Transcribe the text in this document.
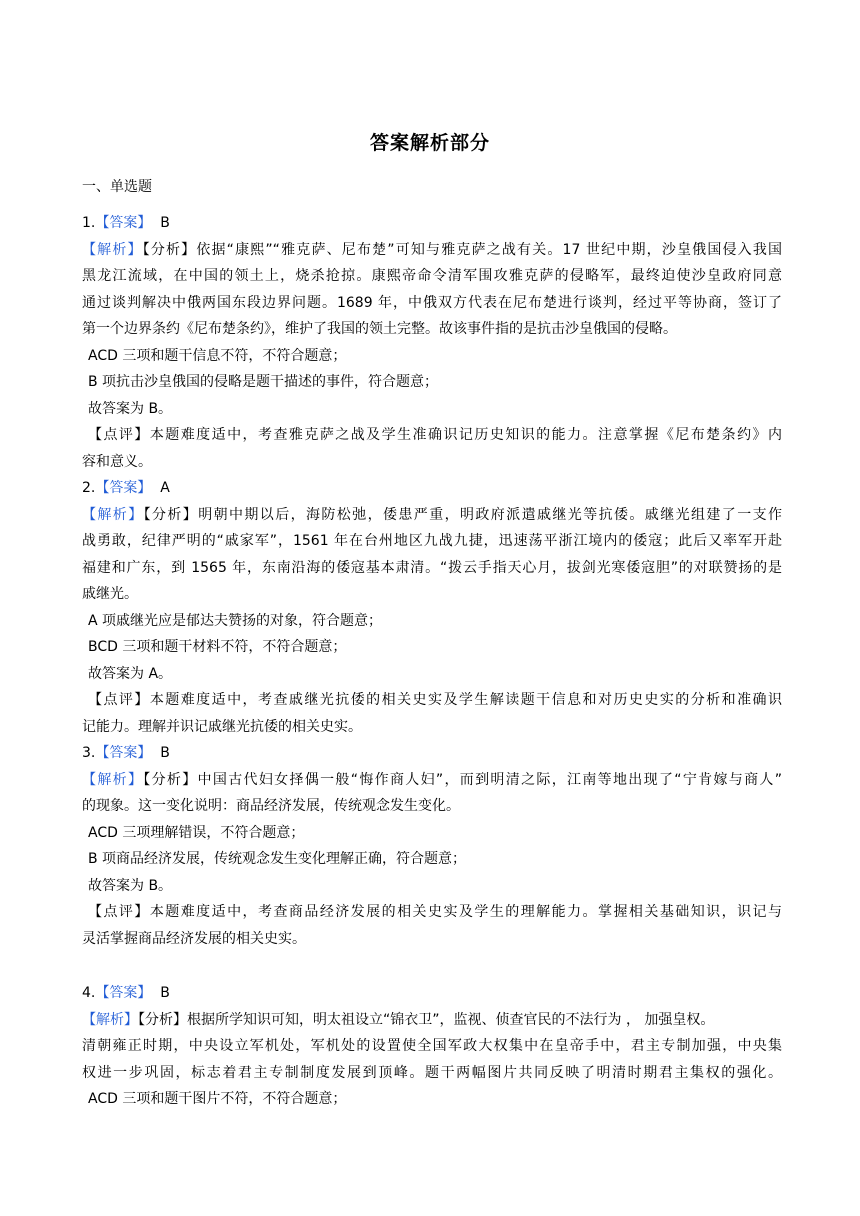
答案解析部分
一、单选题
1.【答案】 B
【解析】【分析】依据“康熙”“雅克萨、尼布楚”可知与雅克萨之战有关。17 世纪中期，沙皇俄国侵入我国
黑龙江流域，在中国的领土上，烧杀抢掠。康熙帝命令清军围攻雅克萨的侵略军，最终迫使沙皇政府同意
通过谈判解决中俄两国东段边界问题。1689 年，中俄双方代表在尼布楚进行谈判，经过平等协商，签订了
第一个边界条约《尼布楚条约》，维护了我国的领土完整。故该事件指的是抗击沙皇俄国的侵略。
ACD 三项和题干信息不符，不符合题意；
B 项抗击沙皇俄国的侵略是题干描述的事件，符合题意；
故答案为 B。
【点评】本题难度适中，考查雅克萨之战及学生准确识记历史知识的能力。注意掌握《尼布楚条约》内
容和意义。
2.【答案】 A
【解析】【分析】明朝中期以后，海防松弛，倭患严重，明政府派遣戚继光等抗倭。戚继光组建了一支作
战勇敢，纪律严明的“戚家军”，1561 年在台州地区九战九捷，迅速荡平浙江境内的倭寇；此后又率军开赴
福建和广东，到 1565 年，东南沿海的倭寇基本肃清。“拨云手指天心月，拔剑光寒倭寇胆”的对联赞扬的是
戚继光。
A 项戚继光应是郁达夫赞扬的对象，符合题意；
BCD 三项和题干材料不符，不符合题意；
故答案为 A。
【点评】本题难度适中，考查戚继光抗倭的相关史实及学生解读题干信息和对历史史实的分析和准确识
记能力。理解并识记戚继光抗倭的相关史实。
3.【答案】 B
【解析】【分析】中国古代妇女择偶一般“悔作商人妇”，而到明清之际，江南等地出现了“宁肯嫁与商人”
的现象。这一变化说明：商品经济发展，传统观念发生变化。
ACD 三项理解错误，不符合题意；
B 项商品经济发展，传统观念发生变化理解正确，符合题意；
故答案为 B。
【点评】本题难度适中，考查商品经济发展的相关史实及学生的理解能力。掌握相关基础知识，识记与
灵活掌握商品经济发展的相关史实。
4.【答案】 B
【解析】【分析】根据所学知识可知，明太祖设立“锦衣卫”，监视、侦查官民的不法行为 ， 加强皇权。
清朝雍正时期，中央设立军机处，军机处的设置使全国军政大权集中在皇帝手中，君主专制加强，中央集
权进一步巩固，标志着君主专制制度发展到顶峰。题干两幅图片共同反映了明清时期君主集权的强化。
ACD 三项和题干图片不符，不符合题意；
